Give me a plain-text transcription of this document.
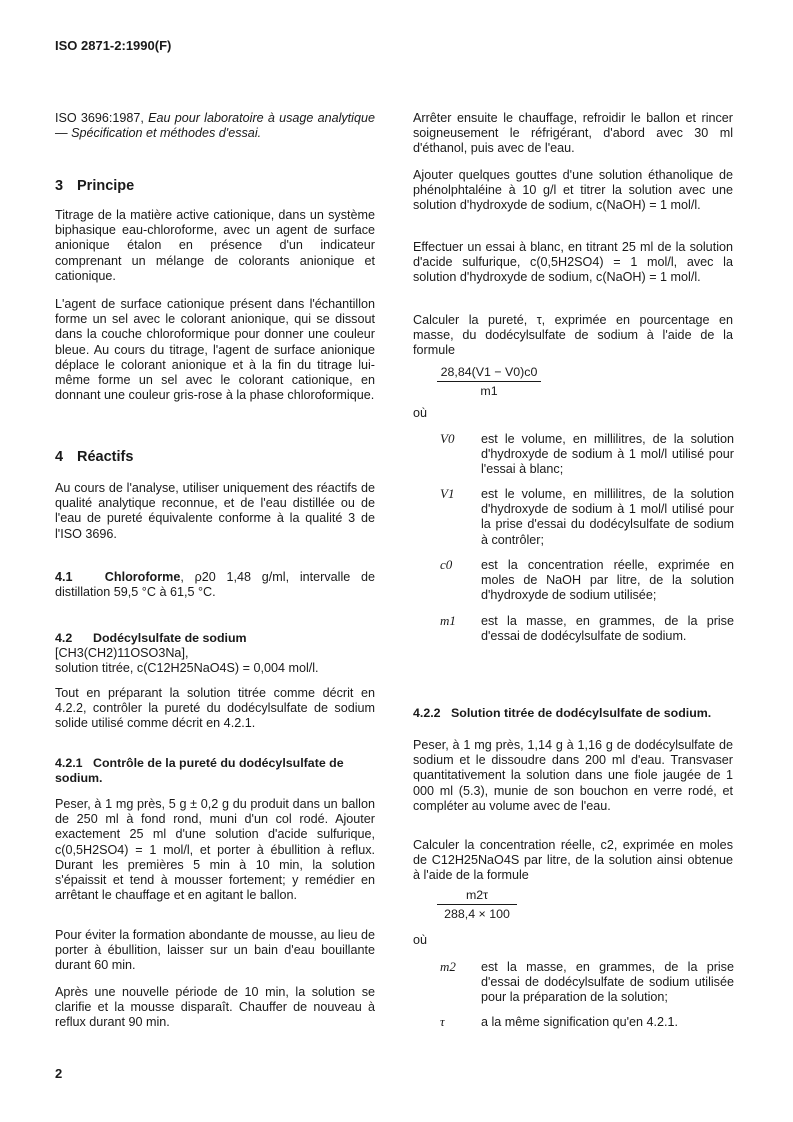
ISO 2871-2:1990(F)

ISO 3696:1987, Eau pour laboratoire à usage analytique — Spécification et méthodes d'essai.

3 Principe

Titrage de la matière active cationique, dans un système biphasique eau-chloroforme, avec un agent de surface anionique étalon en présence d'un indicateur comprenant un mélange de colorants anionique et cationique.

L'agent de surface cationique présent dans l'échantillon forme un sel avec le colorant anionique, qui se dissout dans la couche chloroformique pour donner une couleur bleue. Au cours du titrage, l'agent de surface anionique déplace le colorant anionique et à la fin du titrage lui-même forme un sel avec le colorant cationique, en donnant une couleur gris-rose à la phase chloroformique.

4 Réactifs

Au cours de l'analyse, utiliser uniquement des réactifs de qualité analytique reconnue, et de l'eau distillée ou de l'eau de pureté équivalente conforme à la qualité 3 de l'ISO 3696.

4.1	Chloroforme, ρ20 1,48 g/ml, intervalle de distillation 59,5 °C à 61,5 °C.

4.2 Dodécylsulfate de sodium

[CH3(CH2)11OSO3Na],

solution titrée, c(C12H25NaO4S) = 0,004 mol/l.

Tout en préparant la solution titrée comme décrit en 4.2.2, contrôler la pureté du dodécylsulfate de sodium solide utilisé comme décrit en 4.2.1.

4.2.1 Contrôle de la pureté du dodécylsulfate de sodium.

Peser, à 1 mg près, 5 g ± 0,2 g du produit dans un ballon de 250 ml à fond rond, muni d'un col rodé. Ajouter exactement 25 ml d'une solution d'acide sulfurique, c(0,5H2SO4) = 1 mol/l, et porter à ébullition à reflux. Durant les premières 5 min à 10 min, la solution s'épaissit et tend à mousser fortement; y remédier en arrêtant le chauffage et en agitant le ballon.

Pour éviter la formation abondante de mousse, au lieu de porter à ébullition, laisser sur un bain d'eau bouillante durant 60 min.

Après une nouvelle période de 10 min, la solution se clarifie et la mousse disparaît. Chauffer de nouveau à reflux durant 90 min.

Arrêter ensuite le chauffage, refroidir le ballon et rincer soigneusement le réfrigérant, d'abord avec 30 ml d'éthanol, puis avec de l'eau.

Ajouter quelques gouttes d'une solution éthanolique de phénolphtaléine à 10 g/l et titrer la solution avec une solution d'hydroxyde de sodium, c(NaOH) = 1 mol/l.

Effectuer un essai à blanc, en titrant 25 ml de la solution d'acide sulfurique, c(0,5H2SO4) = 1 mol/l, avec la solution d'hydroxyde de sodium, c(NaOH) = 1 mol/l.

Calculer la pureté, τ, exprimée en pourcentage en masse, du dodécylsulfate de sodium à l'aide de la formule

28,84(V1 − V0)c0
m1
où
V0 est le volume, en millilitres, de la solution d'hydroxyde de sodium à 1 mol/l utilisé pour l'essai à blanc;

V1 est le volume, en millilitres, de la solution d'hydroxyde de sodium à 1 mol/l utilisé pour la prise d'essai du dodécylsulfate de sodium à contrôler;

c0 est la concentration réelle, exprimée en moles de NaOH par litre, de la solution d'hydroxyde de sodium utilisée;

m1 est la masse, en grammes, de la prise d'essai de dodécylsulfate de sodium.

4.2.2 Solution titrée de dodécylsulfate de sodium.

Peser, à 1 mg près, 1,14 g à 1,16 g de dodécylsulfate de sodium et le dissoudre dans 200 ml d'eau. Transvaser quantitativement la solution dans une fiole jaugée de 1 000 ml (5.3), munie de son bouchon en verre rodé, et compléter au volume avec de l'eau.

Calculer la concentration réelle, c2, exprimée en moles de C12H25NaO4S par litre, de la solution ainsi obtenue à l'aide de la formule

m2τ
288,4 × 100
où
m2 est la masse, en grammes, de la prise d'essai de dodécylsulfate de sodium utilisée pour la préparation de la solution;

τ	a la même signification qu'en 4.2.1.

2
